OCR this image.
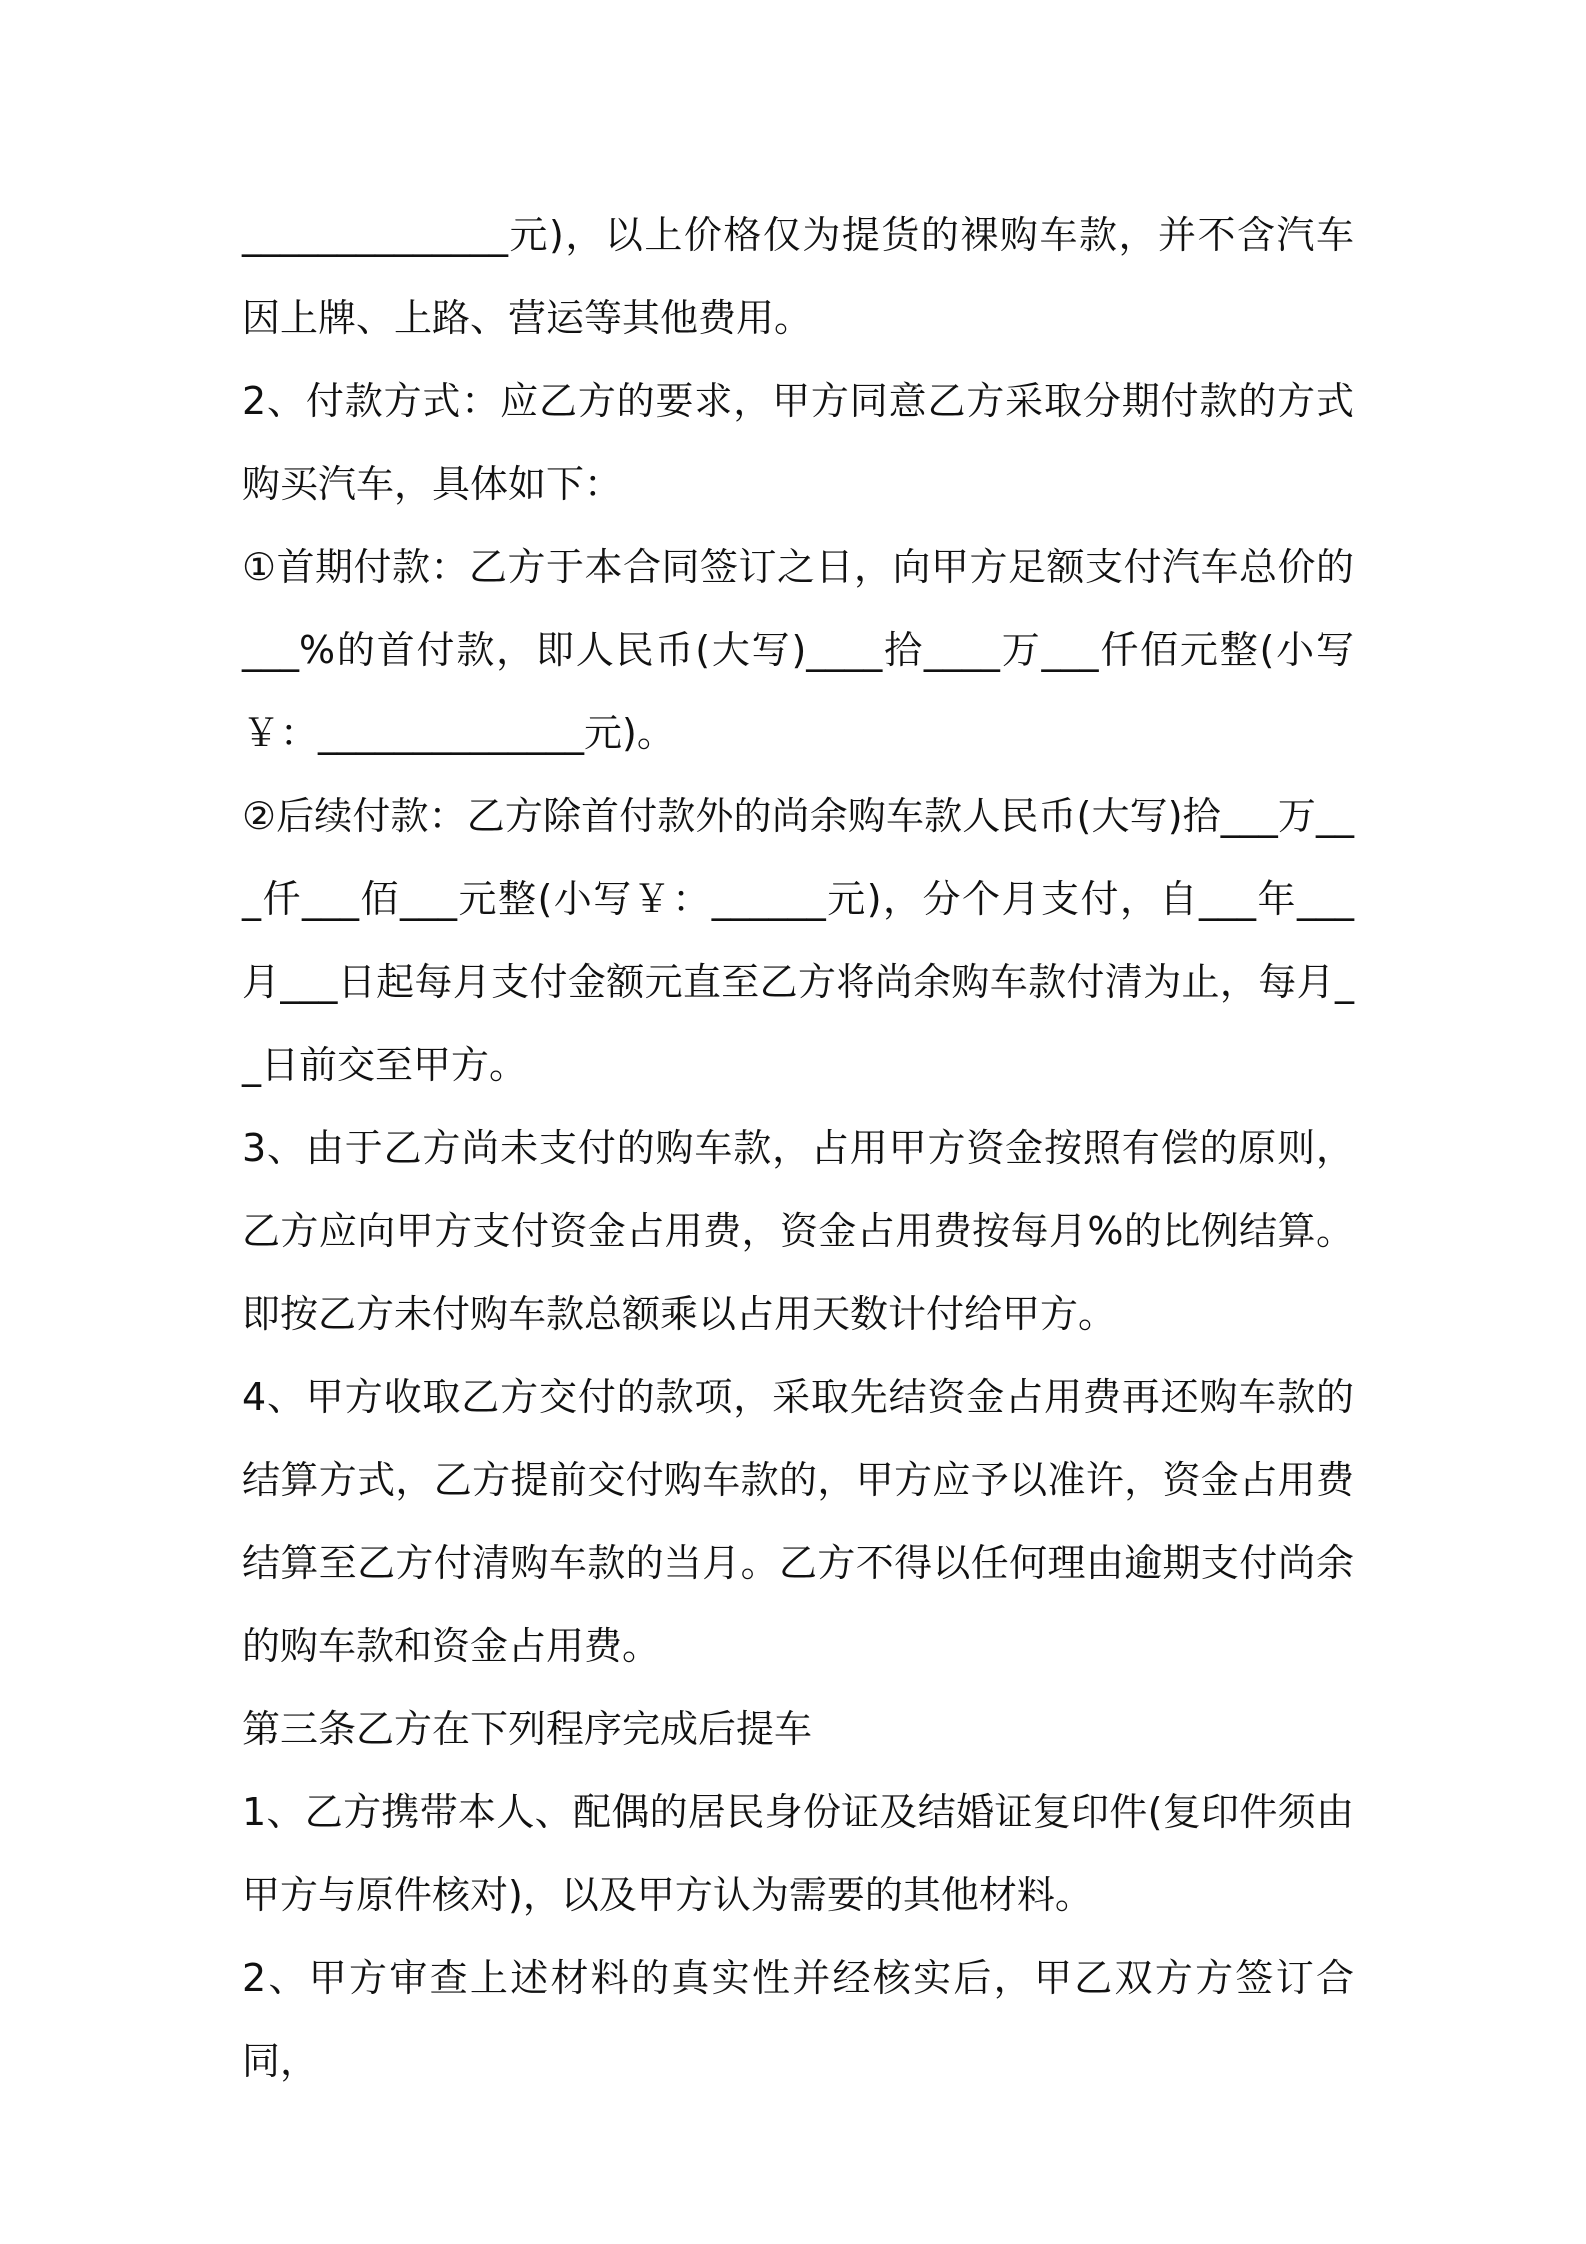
______________元)，以上价格仅为提货的裸购车款，并不含汽车因上牌、上路、营运等其他费用。

2、付款方式：应乙方的要求，甲方同意乙方采取分期付款的方式购买汽车，具体如下：

①首期付款：乙方于本合同签订之日，向甲方足额支付汽车总价的___%的首付款，即人民币(大写)____拾____万___仟佰元整(小写￥：______________元)。

②后续付款：乙方除首付款外的尚余购车款人民币(大写)拾___万___仟___佰___元整(小写￥：______元)，分个月支付，自___年___月___日起每月支付金额元直至乙方将尚余购车款付清为止，每月__日前交至甲方。

3、由于乙方尚未支付的购车款，占用甲方资金按照有偿的原则，乙方应向甲方支付资金占用费，资金占用费按每月%的比例结算。即按乙方未付购车款总额乘以占用天数计付给甲方。

4、甲方收取乙方交付的款项，采取先结资金占用费再还购车款的结算方式，乙方提前交付购车款的，甲方应予以准许，资金占用费结算至乙方付清购车款的当月。乙方不得以任何理由逾期支付尚余的购车款和资金占用费。

第三条乙方在下列程序完成后提车

1、乙方携带本人、配偶的居民身份证及结婚证复印件(复印件须由甲方与原件核对)，以及甲方认为需要的其他材料。

2、甲方审查上述材料的真实性并经核实后，甲乙双方方签订合同，
